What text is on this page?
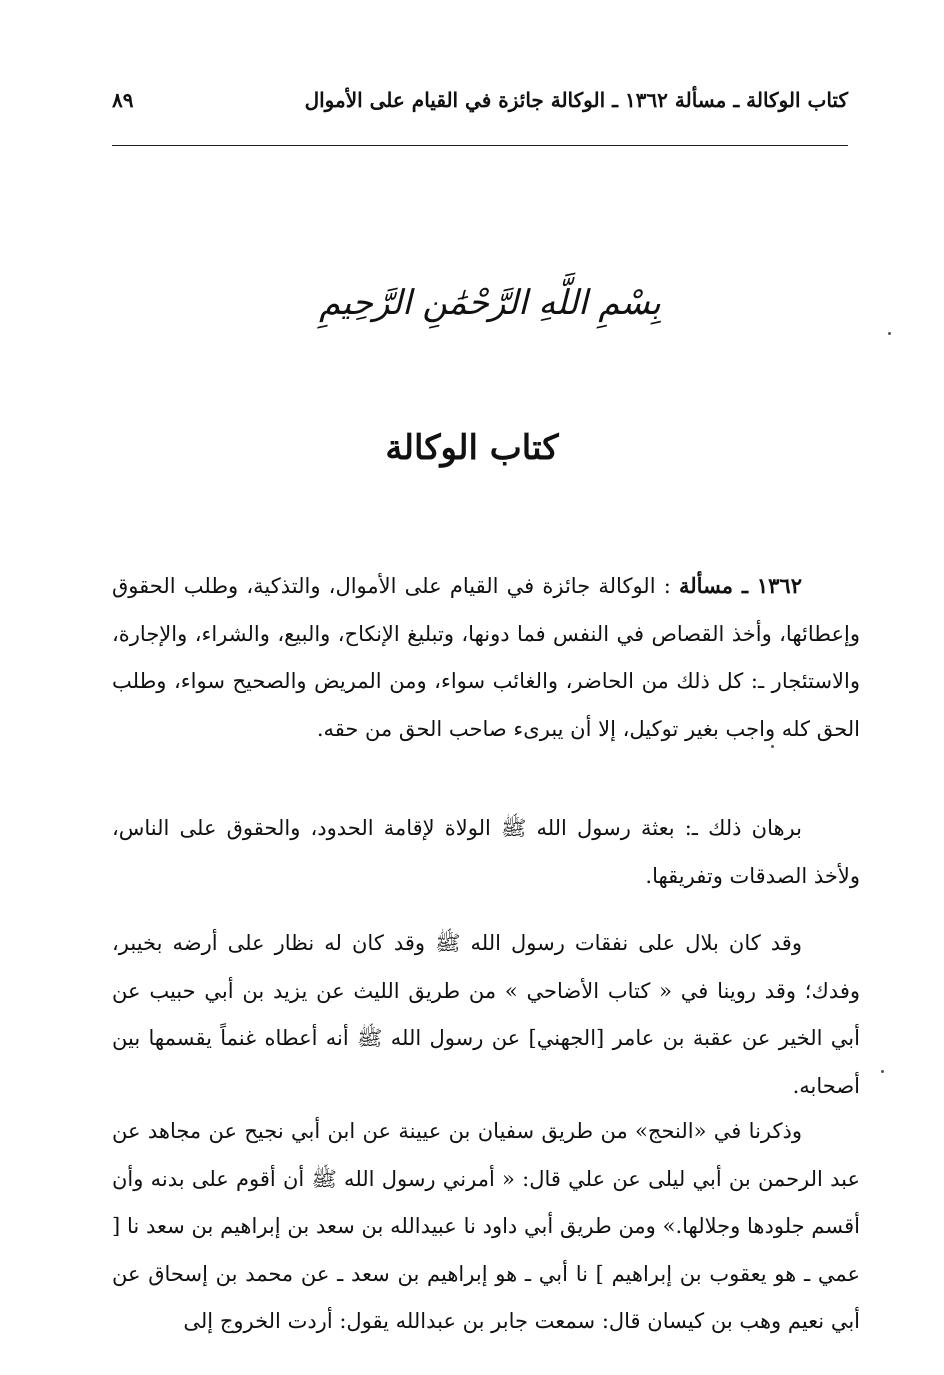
كتاب الوكالة ـ مسألة ١٣٦٢ ـ الوكالة جائزة في القيام على الأموال
٨٩
بِسْمِ اللَّهِ الرَّحْمَٰنِ الرَّحِيمِ
كتاب الوكالة
١٣٦٢ ـ مسألة : الوكالة جائزة في القيام على الأموال، والتذكية، وطلب الحقوق وإعطائها، وأخذ القصاص في النفس فما دونها، وتبليغ الإنكاح، والبيع، والشراء، والإجارة، والاستئجار ـ: كل ذلك من الحاضر، والغائب سواء، ومن المريض والصحيح سواء، وطلب الحق كله واجب بغير توكيل، إلا أن يبرىء صاحب الحق من حقه.
برهان ذلك ـ: بعثة رسول الله ﷺ الولاة لإقامة الحدود، والحقوق على الناس، ولأخذ الصدقات وتفريقها.
وقد كان بلال على نفقات رسول الله ﷺ وقد كان له نظار على أرضه بخيبر، وفدك؛ وقد روينا في « كتاب الأضاحي » من طريق الليث عن يزيد بن أبي حبيب عن أبي الخير عن عقبة بن عامر [الجهني] عن رسول الله ﷺ أنه أعطاه غنماً يقسمها بين أصحابه.
وذكرنا في «النحج» من طريق سفيان بن عيينة عن ابن أبي نجيح عن مجاهد عن عبد الرحمن بن أبي ليلى عن علي قال: « أمرني رسول الله ﷺ أن أقوم على بدنه وأن أقسم جلودها وجلالها.» ومن طريق أبي داود نا عبيدالله بن سعد بن إبراهيم بن سعد نا [ عمي ـ هو يعقوب بن إبراهيم ] نا أبي ـ هو إبراهيم بن سعد ـ عن محمد بن إسحاق عن أبي نعيم وهب بن كيسان قال: سمعت جابر بن عبدالله يقول: أردت الخروج إلى
